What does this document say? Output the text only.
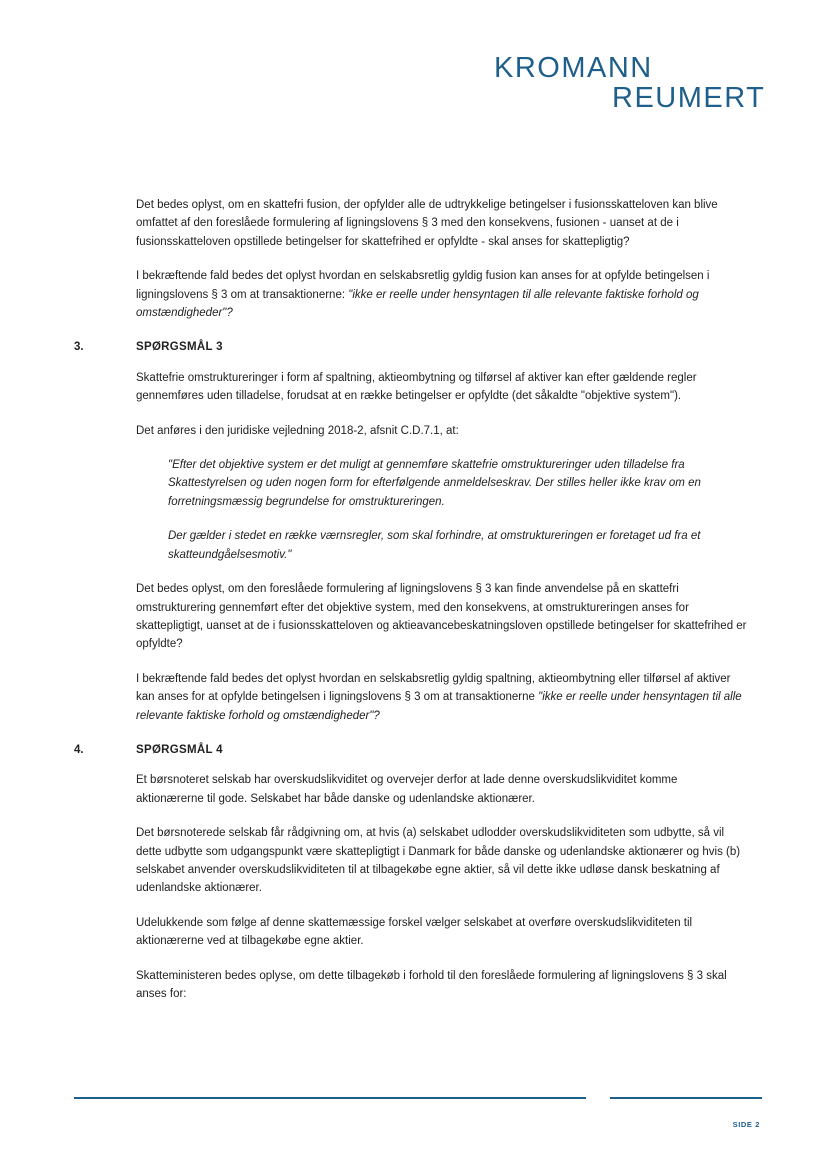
KROMANN
REUMERT

Det bedes oplyst, om en skattefri fusion, der opfylder alle de udtrykkelige betingelser i fusionsskatteloven kan blive omfattet af den foreslåede formulering af ligningslovens § 3 med den konsekvens, fusionen - uanset at de i fusionsskatteloven opstillede betingelser for skattefrihed er opfyldte - skal anses for skattepligtig?

I bekræftende fald bedes det oplyst hvordan en selskabsretlig gyldig fusion kan anses for at opfylde betingelsen i ligningslovens § 3 om at transaktionerne: "ikke er reelle under hensyntagen til alle relevante faktiske forhold og omstændigheder"?

3.	SPØRGSMÅL 3

Skattefrie omstruktureringer i form af spaltning, aktieombytning og tilførsel af aktiver kan efter gældende regler gennemføres uden tilladelse, forudsat at en række betingelser er opfyldte (det såkaldte "objektive system").

Det anføres i den juridiske vejledning 2018-2, afsnit C.D.7.1, at:

"Efter det objektive system er det muligt at gennemføre skattefrie omstruktureringer uden tilladelse fra Skattestyrelsen og uden nogen form for efterfølgende anmeldelseskrav. Der stilles heller ikke krav om en forretningsmæssig begrundelse for omstruktureringen.

Der gælder i stedet en række værnsregler, som skal forhindre, at omstruktureringen er foretaget ud fra et skatteundgåelsesmotiv."

Det bedes oplyst, om den foreslåede formulering af ligningslovens § 3 kan finde anvendelse på en skattefri omstrukturering gennemført efter det objektive system, med den konsekvens, at omstruktureringen anses for skattepligtigt, uanset at de i fusionsskatteloven og aktieavancebeskatningsloven opstillede betingelser for skattefrihed er opfyldte?

I bekræftende fald bedes det oplyst hvordan en selskabsretlig gyldig spaltning, aktieombytning eller tilførsel af aktiver kan anses for at opfylde betingelsen i ligningslovens § 3 om at transaktionerne "ikke er reelle under hensyntagen til alle relevante faktiske forhold og omstændigheder"?

4.	SPØRGSMÅL 4

Et børsnoteret selskab har overskudslikviditet og overvejer derfor at lade denne overskudslikviditet komme aktionærerne til gode. Selskabet har både danske og udenlandske aktionærer.

Det børsnoterede selskab får rådgivning om, at hvis (a) selskabet udlodder overskudslikviditeten som udbytte, så vil dette udbytte som udgangspunkt være skattepligtigt i Danmark for både danske og udenlandske aktionærer og hvis (b) selskabet anvender overskudslikviditeten til at tilbagekøbe egne aktier, så vil dette ikke udløse dansk beskatning af udenlandske aktionærer.

Udelukkende som følge af denne skattemæssige forskel vælger selskabet at overføre overskudslikviditeten til aktionærerne ved at tilbagekøbe egne aktier.

Skatteministeren bedes oplyse, om dette tilbagekøb i forhold til den foreslåede formulering af ligningslovens § 3 skal anses for:

SIDE 2
